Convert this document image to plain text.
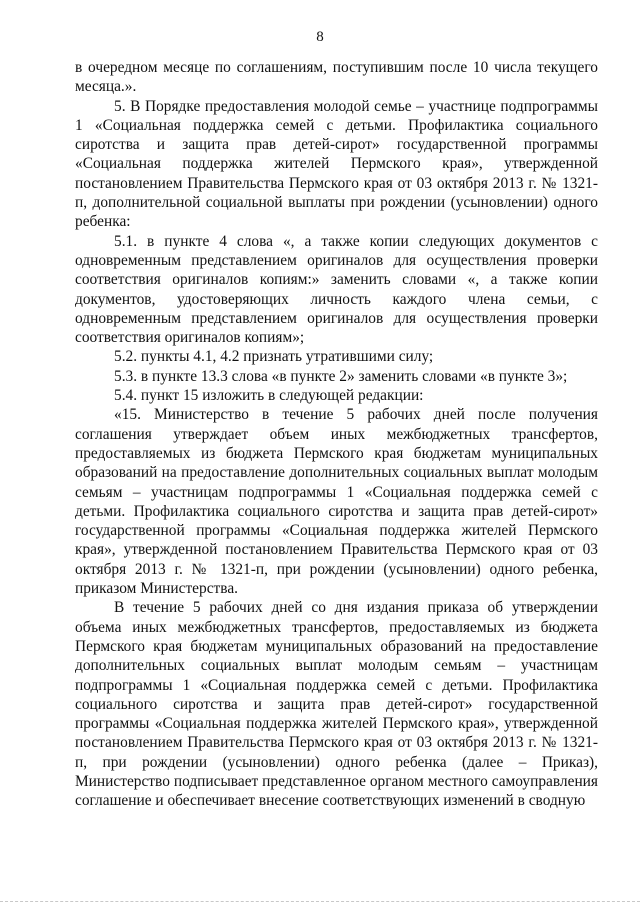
8

в очередном месяце по соглашениям, поступившим после 10 числа текущего месяца.».

5. В Порядке предоставления молодой семье – участнице подпрограммы 1 «Социальная поддержка семей с детьми. Профилактика социального сиротства и защита прав детей-сирот» государственной программы «Социальная поддержка жителей Пермского края», утвержденной постановлением Правительства Пермского края от 03 октября 2013 г. № 1321-п, дополнительной социальной выплаты при рождении (усыновлении) одного ребенка:

5.1. в пункте 4 слова «, а также копии следующих документов с одновременным представлением оригиналов для осуществления проверки соответствия оригиналов копиям:» заменить словами «, а также копии документов, удостоверяющих личность каждого члена семьи, с одновременным представлением оригиналов для осуществления проверки соответствия оригиналов копиям»;

5.2. пункты 4.1, 4.2 признать утратившими силу;

5.3. в пункте 13.3 слова «в пункте 2» заменить словами «в пункте 3»;

5.4. пункт 15 изложить в следующей редакции:

«15. Министерство в течение 5 рабочих дней после получения соглашения утверждает объем иных межбюджетных трансфертов, предоставляемых из бюджета Пермского края бюджетам муниципальных образований на предоставление дополнительных социальных выплат молодым семьям – участницам подпрограммы 1 «Социальная поддержка семей с детьми. Профилактика социального сиротства и защита прав детей-сирот» государственной программы «Социальная поддержка жителей Пермского края», утвержденной постановлением Правительства Пермского края от 03 октября 2013 г. № 1321-п, при рождении (усыновлении) одного ребенка, приказом Министерства.

В течение 5 рабочих дней со дня издания приказа об утверждении объема иных межбюджетных трансфертов, предоставляемых из бюджета Пермского края бюджетам муниципальных образований на предоставление дополнительных социальных выплат молодым семьям – участницам подпрограммы 1 «Социальная поддержка семей с детьми. Профилактика социального сиротства и защита прав детей-сирот» государственной программы «Социальная поддержка жителей Пермского края», утвержденной постановлением Правительства Пермского края от 03 октября 2013 г. № 1321-п, при рождении (усыновлении) одного ребенка (далее – Приказ), Министерство подписывает представленное органом местного самоуправления соглашение и обеспечивает внесение соответствующих изменений в сводную
